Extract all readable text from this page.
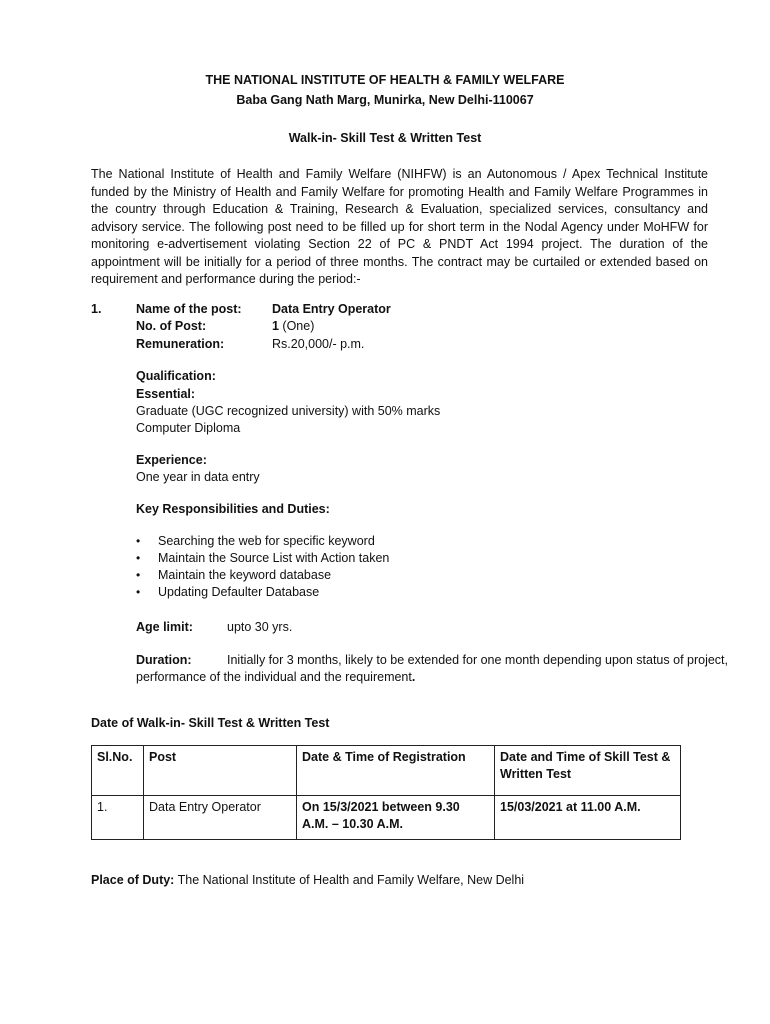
THE NATIONAL INSTITUTE OF HEALTH & FAMILY WELFARE
Baba Gang Nath Marg, Munirka, New Delhi-110067
Walk-in- Skill Test & Written Test

The National Institute of Health and Family Welfare (NIHFW) is an Autonomous / Apex Technical Institute funded by the Ministry of Health and Family Welfare for promoting Health and Family Welfare Programmes in the country through Education & Training, Research & Evaluation, specialized services, consultancy and advisory service. The following post need to be filled up for short term in the Nodal Agency under MoHFW for monitoring e-advertisement violating Section 22 of PC & PNDT Act 1994 project. The duration of the appointment will be initially for a period of three months. The contract may be curtailed or extended based on requirement and performance during the period:-

1.	Name of the post:	Data Entry Operator
No. of Post:	1 (One)
Remuneration:	Rs.20,000/- p.m.
Qualification:
Essential:
Graduate (UGC recognized university) with 50% marks
Computer Diploma
Experience:
One year in data entry
Key Responsibilities and Duties:
• Searching the web for specific keyword
• Maintain the Source List with Action taken
• Maintain the keyword database
• Updating Defaulter Database
Age limit:	upto 30 yrs.
Duration:	Initially for 3 months, likely to be extended for one month depending upon status of project,
performance of the individual and the requirement.
Date of Walk-in- Skill Test & Written Test
Sl.No.	Post	Date & Time of Registration	Date and Time of Skill Test & Written Test
1.	Data Entry Operator	On 15/3/2021 between 9.30 A.M. – 10.30 A.M.	15/03/2021 at 11.00 A.M.
Place of Duty: The National Institute of Health and Family Welfare, New Delhi
